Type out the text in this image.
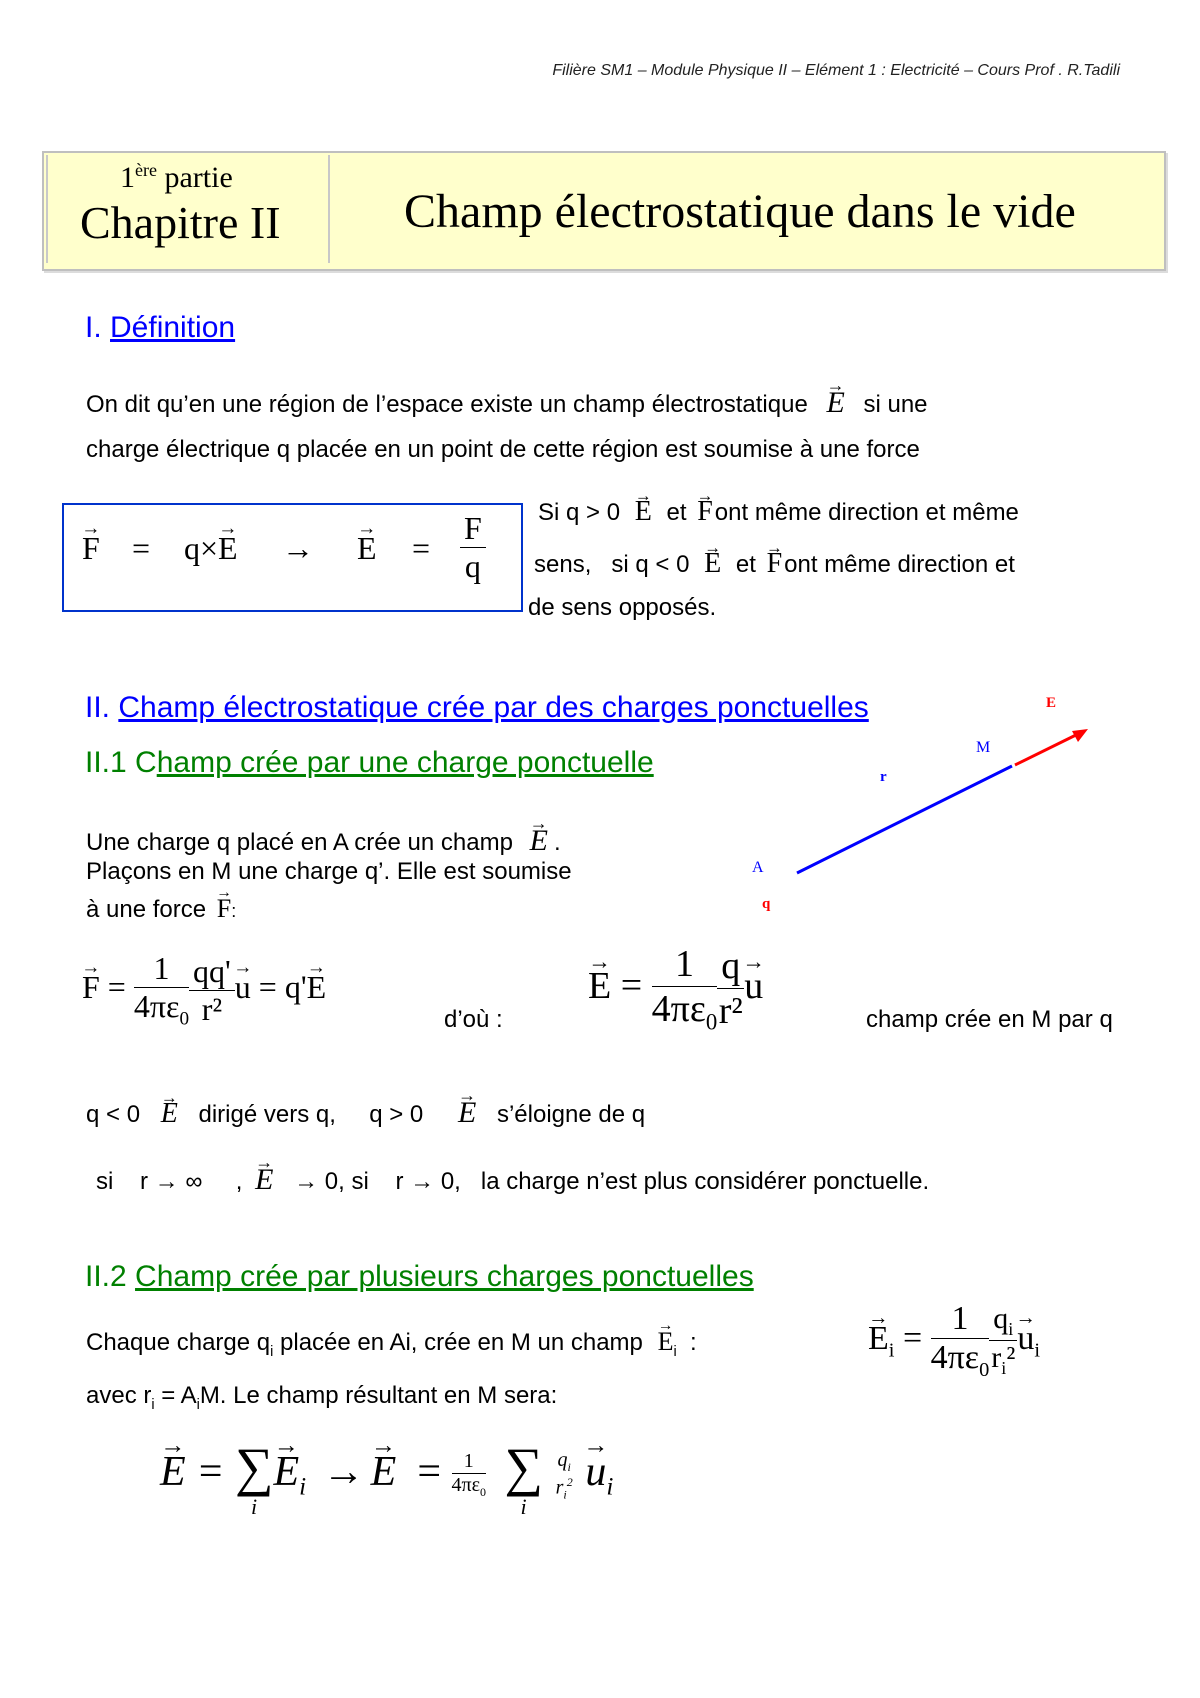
Filière SM1 – Module Physique II – Elément 1 : Electricité – Cours Prof . R.Tadili
1ère partie
Chapitre II	Champ électrostatique dans le vide
I. Définition
On dit qu’en une région de l’espace existe un champ électrostatique → E si une
charge électrique q placée en un point de cette région est soumise à une force
→ F = q×→ E →
→ $E = \frac{F}{q}$ Si q > 0 → E et → Font même direction et même
sens, si q < 0 → E et → Font même direction et
de sens opposés.
II. Champ électrostatique crée par des charges ponctuelles
II.1 Champ crée par une charge ponctuelle
Une charge q placé en A crée un champ → E .
Plaçons en M une charge q’. Elle est soumise
à une force → F:
E
M
r
A
q
→ $F = \frac{1}{4\pi\varepsilon_0} \frac{qq'}{\text{r²}}$
→ u = q'→ E
d’où :
→ $E = \frac{1}{4\pi\varepsilon_0} \frac{q}{\text{r²}}$
→ u
champ crée en M par q
q < 0 → E dirigé vers q, q > 0 → E s’éloigne de q
si r → ∞ , → E → 0, si r → 0, la charge n’est plus considérer ponctuelle.
II.2 Champ crée par plusieurs charges ponctuelles
Chaque charge $q_i$ placée en Ai, crée en M un champ → $E_i$ :
avec $r_i = A_iM$. Le champ résultant en M sera:
→ $E_i = \frac{1}{4\pi\varepsilon_0} \frac{q_i}{r_i^2}$
→ $u_i$
→ E = ∑
i
→ $E_i \to\to E = \frac{1}{4\pi\varepsilon_0}$ ∑
i

$q_i$
$r_i^2$
→ $u_i$
